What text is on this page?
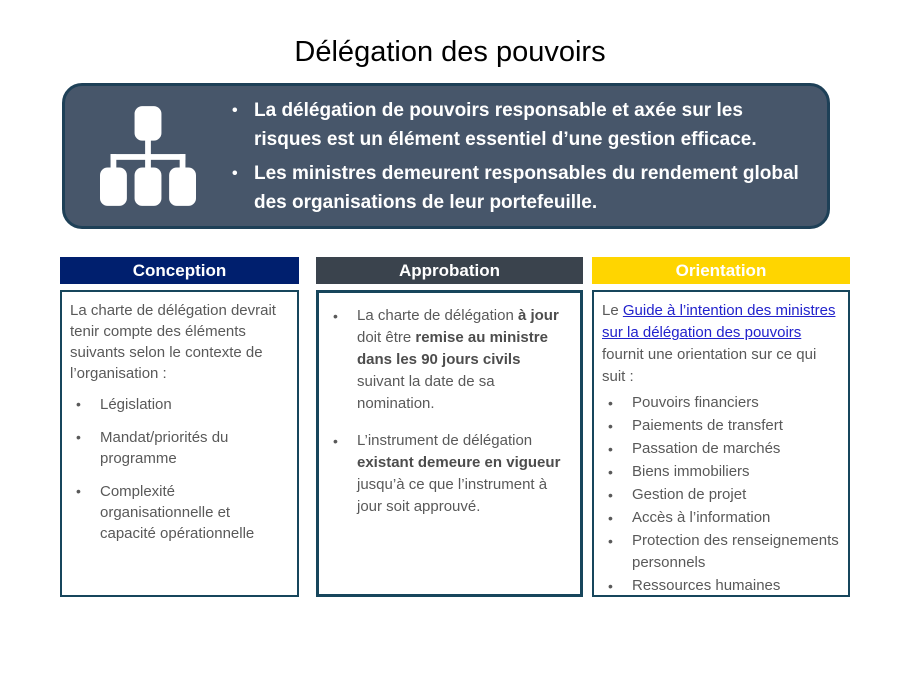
Délégation des pouvoirs
• La délégation de pouvoirs responsable et axée sur les risques est un élément essentiel d’une gestion efficace.
• Les ministres demeurent responsables du rendement global des organisations de leur portefeuille.
Conception	Approbation	Orientation

La charte de délégation devrait tenir compte des éléments suivants selon le contexte de l’organisation :

• Législation
• Mandat/priorités du programme
• Complexité organisationnelle et capacité opérationnelle
• La charte de délégation à jour doit être remise au ministre dans les 90 jours civils suivant la date de sa nomination.
• L’instrument de délégation existant demeure en vigueur jusqu’à ce que l’instrument à jour soit approuvé.

Le Guide à l’intention des ministres sur la délégation des pouvoirs fournit une orientation sur ce qui suit :

• Pouvoirs financiers
• Paiements de transfert
• Passation de marchés
• Biens immobiliers
• Gestion de projet
• Accès à l’information
• Protection des renseignements personnels
• Ressources humaines
